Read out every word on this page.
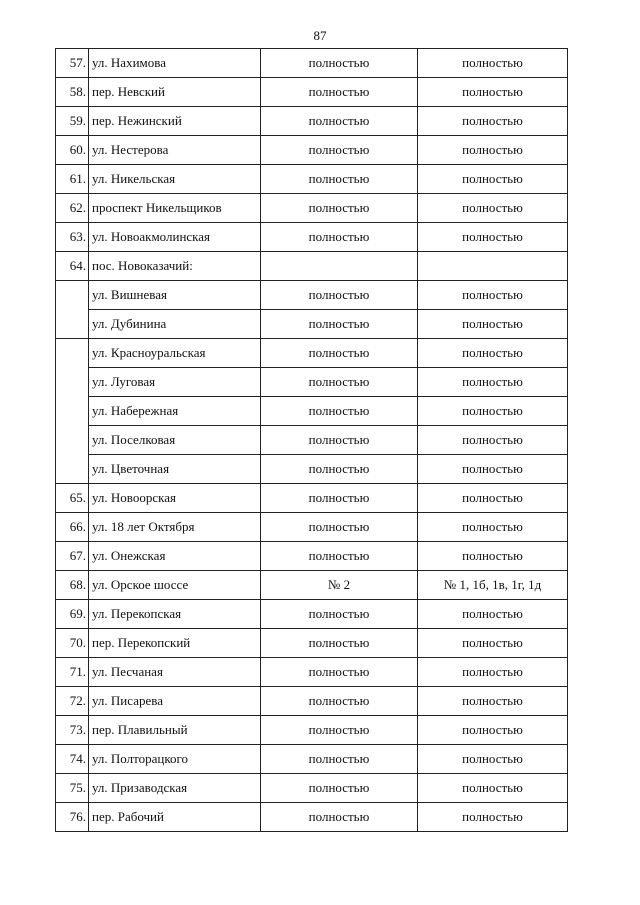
87
57.	ул. Нахимова	полностью	полностью
58.	пер. Невский	полностью	полностью
59.	пер. Нежинский	полностью	полностью
60.	ул. Нестерова	полностью	полностью
61.	ул. Никельская	полностью	полностью
62.	проспект Никельщиков	полностью	полностью
63.	ул. Новоакмолинская	полностью	полностью
64.	пос. Новоказачий:		
	ул. Вишневая	полностью	полностью
	ул. Дубинина	полностью	полностью
	ул. Красноуральская	полностью	полностью
	ул. Луговая	полностью	полностью
	ул. Набережная	полностью	полностью
	ул. Поселковая	полностью	полностью
	ул. Цветочная	полностью	полностью
65.	ул. Новоорская	полностью	полностью
66.	ул. 18 лет Октября	полностью	полностью
67.	ул. Онежская	полностью	полностью
68.	ул. Орское шоссе	№ 2	№ 1, 1б, 1в, 1г, 1д
69.	ул. Перекопская	полностью	полностью
70.	пер. Перекопский	полностью	полностью
71.	ул. Песчаная	полностью	полностью
72.	ул. Писарева	полностью	полностью
73.	пер. Плавильный	полностью	полностью
74.	ул. Полторацкого	полностью	полностью
75.	ул. Призаводская	полностью	полностью
76.	пер. Рабочий	полностью	полностью
